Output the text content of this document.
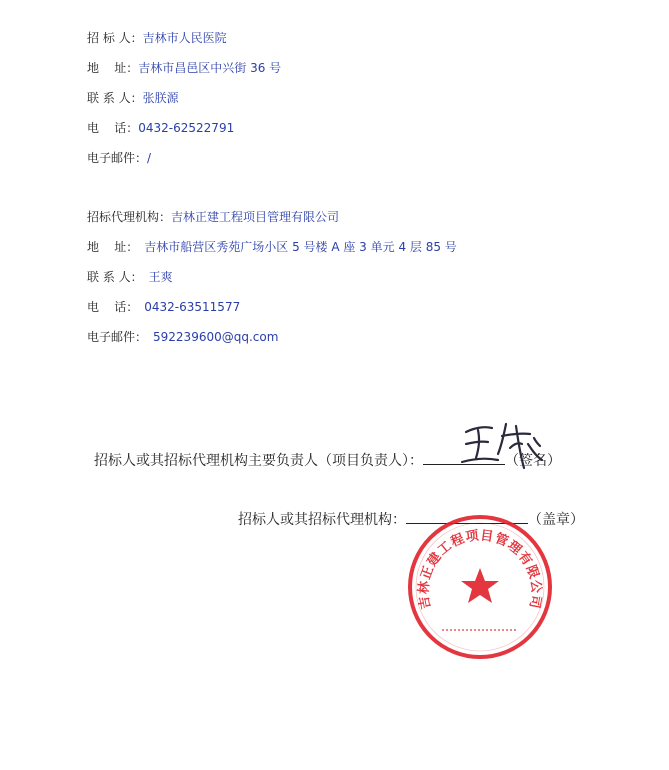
招 标 人：吉林市人民医院
地    址：吉林市昌邑区中兴街 36 号
联 系 人：张朕源
电    话：0432-62522791
电子邮件：/
招标代理机构：吉林正建工程项目管理有限公司
地    址： 吉林市船营区秀苑广场小区 5 号楼 A 座 3 单元 4 层 85 号
联 系 人： 王爽
电    话： 0432-63511577
电子邮件： 592239600@qq.com
招标人或其招标代理机构主要负责人（项目负责人）：	（签名）
招标人或其招标代理机构：	（盖章）
吉林正建工程项目管理有限公司
